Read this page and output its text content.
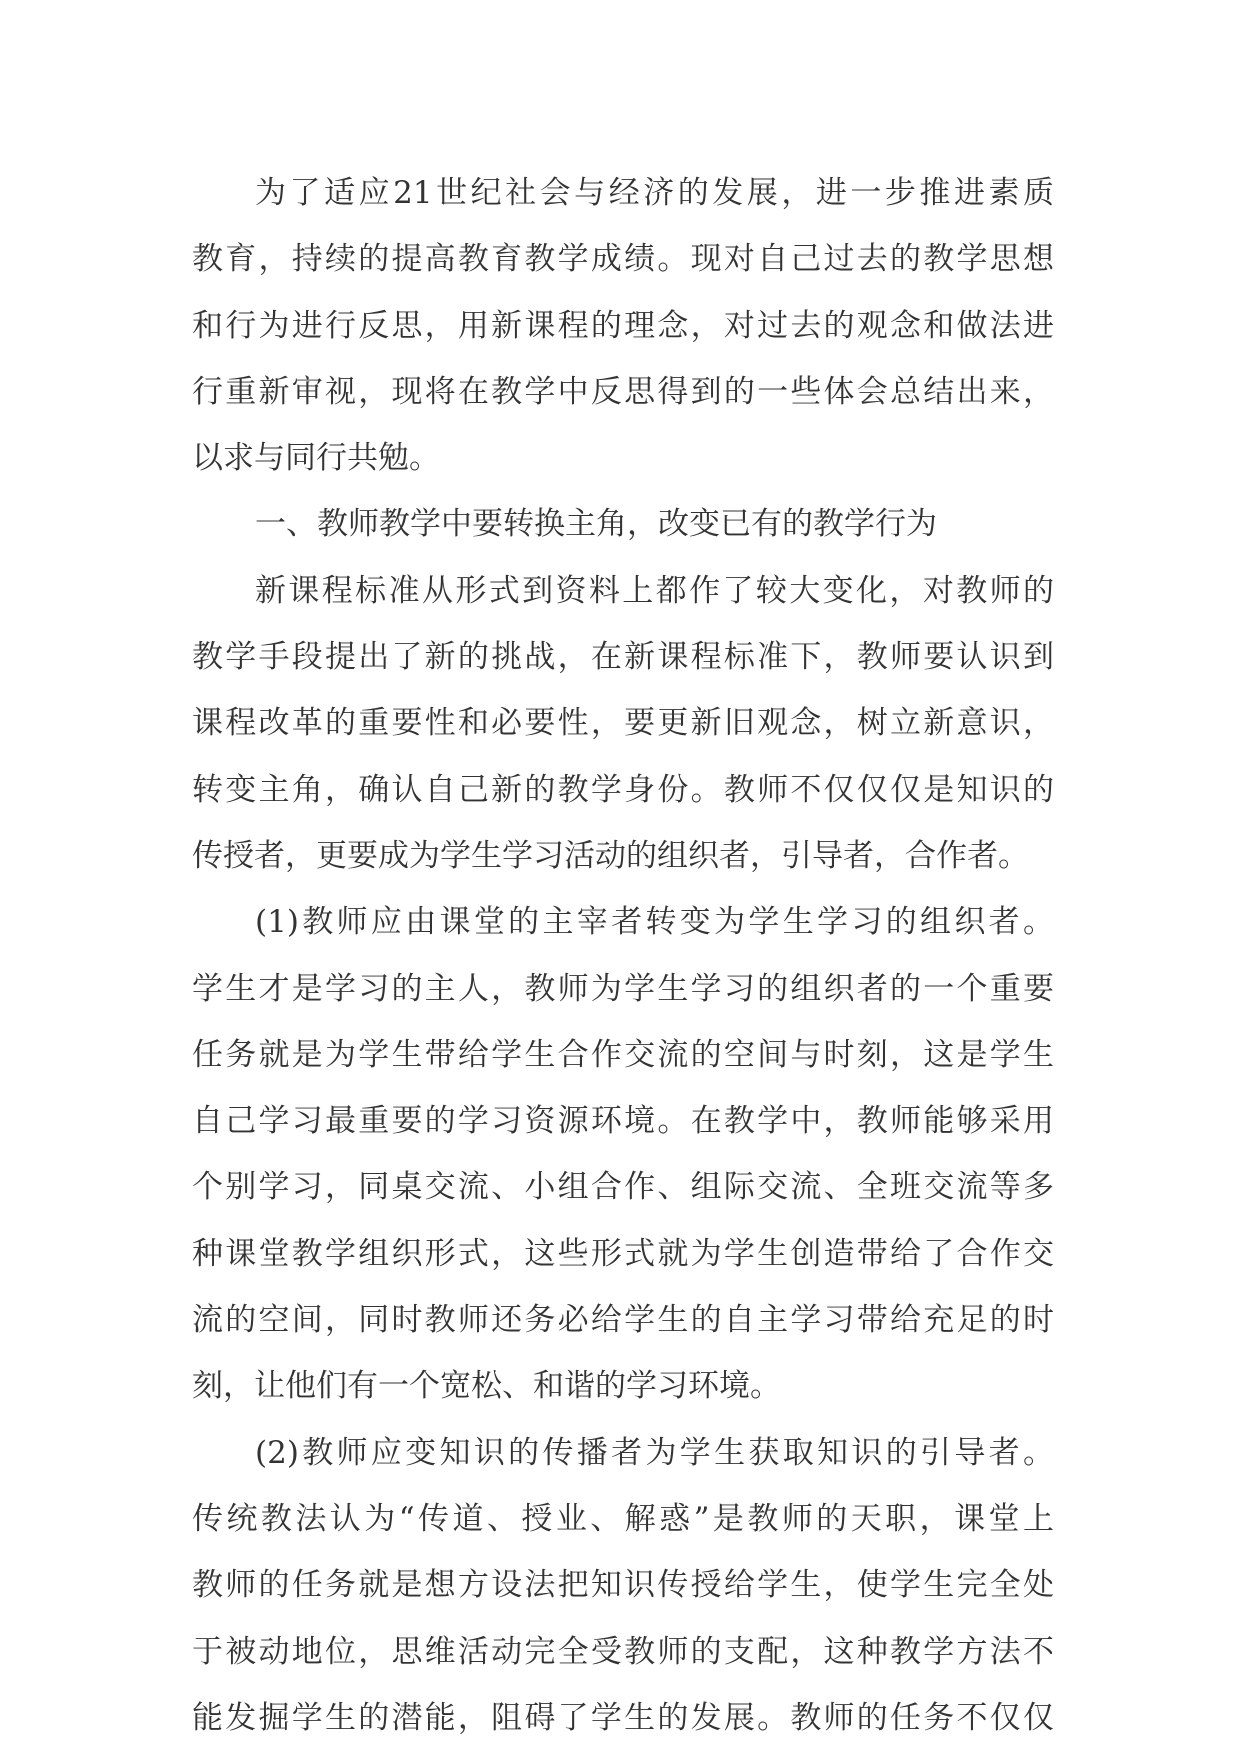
为了适应21世纪社会与经济的发展，进一步推进素质
教育，持续的提高教育教学成绩。现对自己过去的教学思想
和行为进行反思，用新课程的理念，对过去的观念和做法进
行重新审视，现将在教学中反思得到的一些体会总结出来，
以求与同行共勉。
一、教师教学中要转换主角，改变已有的教学行为
新课程标准从形式到资料上都作了较大变化，对教师的
教学手段提出了新的挑战，在新课程标准下，教师要认识到
课程改革的重要性和必要性，要更新旧观念，树立新意识，
转变主角，确认自己新的教学身份。教师不仅仅仅是知识的
传授者，更要成为学生学习活动的组织者，引导者，合作者。
(1)教师应由课堂的主宰者转变为学生学习的组织者。
学生才是学习的主人，教师为学生学习的组织者的一个重要
任务就是为学生带给学生合作交流的空间与时刻，这是学生
自己学习最重要的学习资源环境。在教学中，教师能够采用
个别学习，同桌交流、小组合作、组际交流、全班交流等多
种课堂教学组织形式，这些形式就为学生创造带给了合作交
流的空间，同时教师还务必给学生的自主学习带给充足的时
刻，让他们有一个宽松、和谐的学习环境。
(2)教师应变知识的传播者为学生获取知识的引导者。
传统教法认为“传道、授业、解惑”是教师的天职，课堂上
教师的任务就是想方设法把知识传授给学生，使学生完全处
于被动地位，思维活动完全受教师的支配，这种教学方法不
能发掘学生的潜能，阻碍了学生的发展。教师的任务不仅仅
